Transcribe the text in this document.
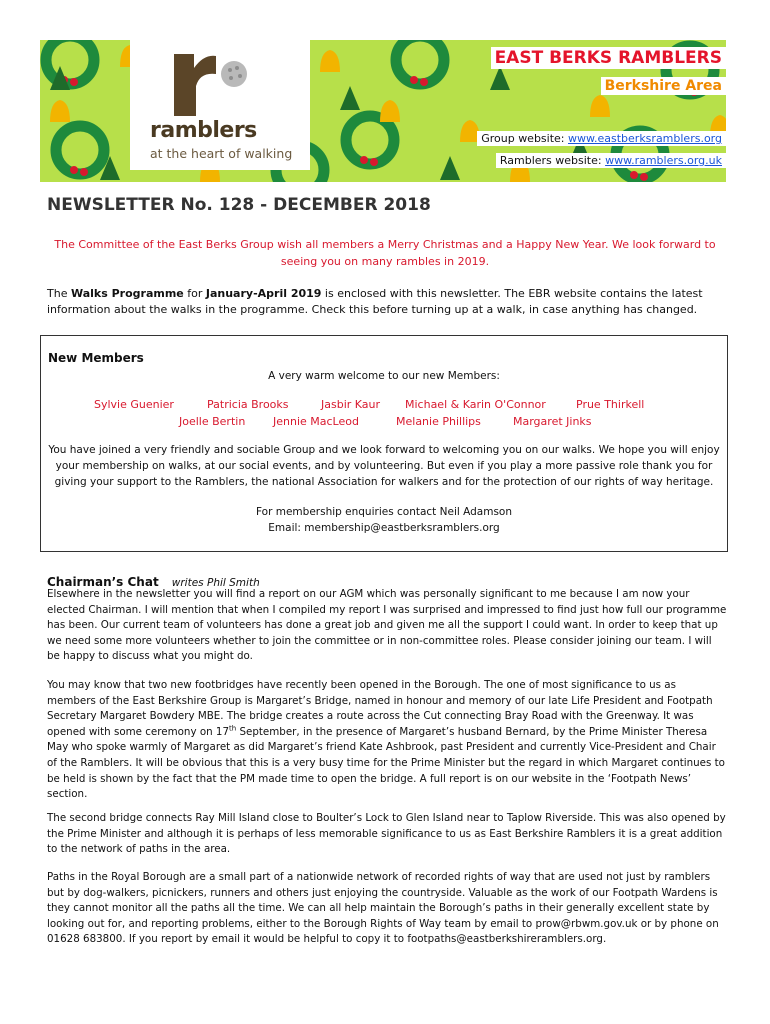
ramblers
at the heart of walking
EAST BERKS RAMBLERS
Berkshire Area
Group website: www.eastberksramblers.org
Ramblers website: www.ramblers.org.uk
NEWSLETTER No. 128 - DECEMBER 2018
The Committee of the East Berks Group wish all members a Merry Christmas and a Happy New Year. We look forward to seeing you on many rambles in 2019.
The Walks Programme for January-April 2019 is enclosed with this newsletter. The EBR website contains the latest information about the walks in the programme. Check this before turning up at a walk, in case anything has changed.
New Members
A very warm welcome to our new Members:
Sylvie Guenier	Patricia Brooks	Jasbir Kaur Michael & Karin O'Connor	Prue Thirkell
Joelle Bertin	Jennie MacLeod	Melanie Phillips	Margaret Jinks
You have joined a very friendly and sociable Group and we look forward to welcoming you on our walks. We hope you will enjoy your membership on walks, at our social events, and by volunteering. But even if you play a more passive role thank you for giving your support to the Ramblers, the national Association for walkers and for the protection of our rights of way heritage.
For membership enquiries contact Neil Adamson
Email: membership@eastberksramblers.org
Chairman’s Chat writes Phil Smith
Elsewhere in the newsletter you will find a report on our AGM which was personally significant to me because I am now your elected Chairman. I will mention that when I compiled my report I was surprised and impressed to find just how full our programme has been. Our current team of volunteers has done a great job and given me all the support I could want. In order to keep that up we need some more volunteers whether to join the committee or in non-committee roles. Please consider joining our team. I will be happy to discuss what you might do.
You may know that two new footbridges have recently been opened in the Borough. The one of most significance to us as members of the East Berkshire Group is Margaret’s Bridge, named in honour and memory of our late Life President and Footpath Secretary Margaret Bowdery MBE. The bridge creates a route across the Cut connecting Bray Road with the Greenway. It was opened with some ceremony on 17th September, in the presence of Margaret’s husband Bernard, by the Prime Minister Theresa May who spoke warmly of Margaret as did Margaret’s friend Kate Ashbrook, past President and currently Vice-President and Chair of the Ramblers. It will be obvious that this is a very busy time for the Prime Minister but the regard in which Margaret continues to be held is shown by the fact that the PM made time to open the bridge. A full report is on our website in the ‘Footpath News’ section.
The second bridge connects Ray Mill Island close to Boulter’s Lock to Glen Island near to Taplow Riverside. This was also opened by the Prime Minister and although it is perhaps of less memorable significance to us as East Berkshire Ramblers it is a great addition to the network of paths in the area.
Paths in the Royal Borough are a small part of a nationwide network of recorded rights of way that are used not just by ramblers but by dog-walkers, picnickers, runners and others just enjoying the countryside. Valuable as the work of our Footpath Wardens is they cannot monitor all the paths all the time. We can all help maintain the Borough’s paths in their generally excellent state by looking out for, and reporting problems, either to the Borough Rights of Way team by email to prow@rbwm.gov.uk or by phone on 01628 683800. If you report by email it would be helpful to copy it to footpaths@eastberkshireramblers.org.
